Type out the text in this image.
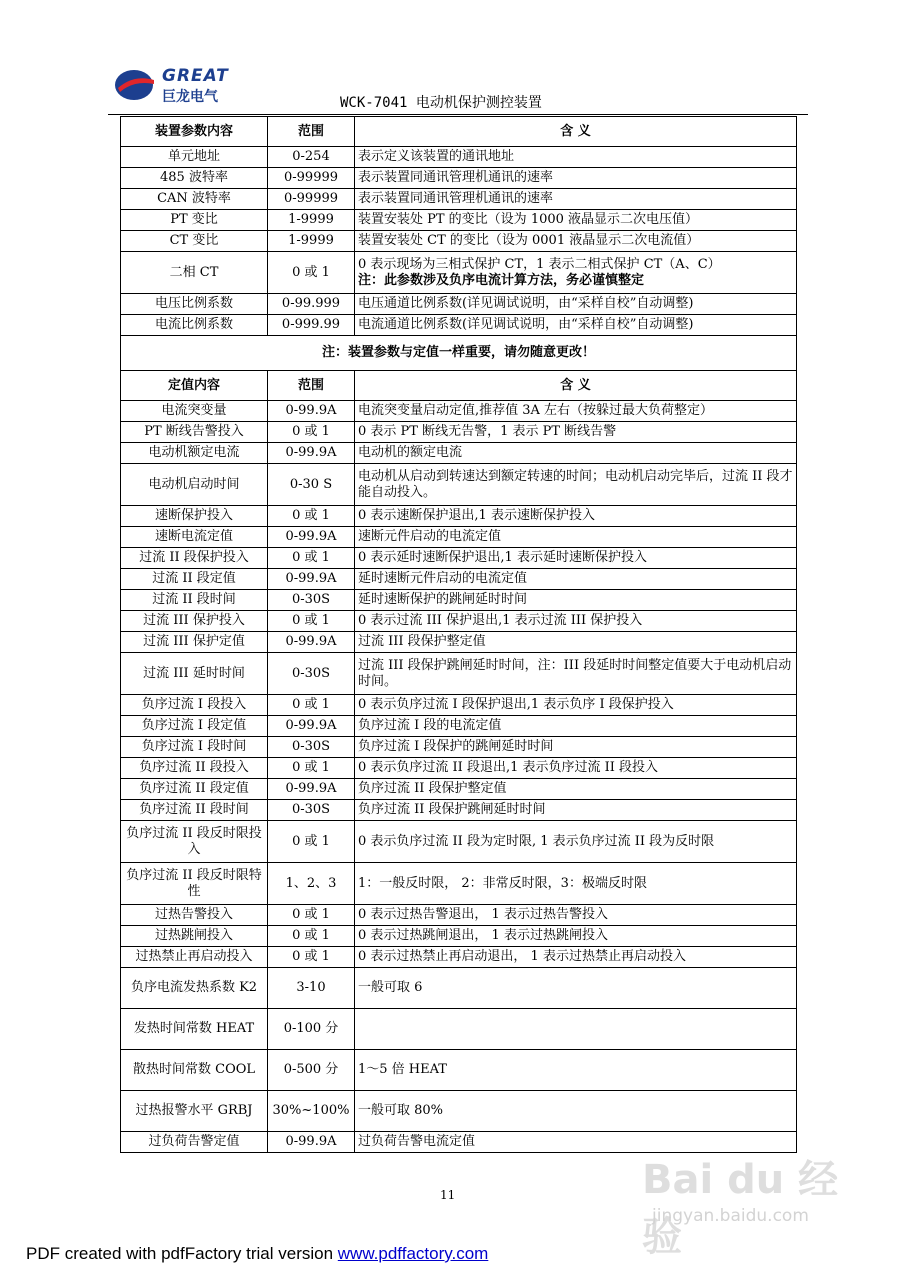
GREAT
巨龙电气	WCK-7041 电动机保护测控装置
装置参数内容	范围	含 义
单元地址	0-254	表示定义该装置的通讯地址
485 波特率	0-99999	表示装置同通讯管理机通讯的速率
CAN 波特率	0-99999	表示装置同通讯管理机通讯的速率
PT 变比	1-9999	装置安装处 PT 的变比（设为 1000 液晶显示二次电压值）
CT 变比	1-9999	装置安装处 CT 的变比（设为 0001 液晶显示二次电流值）
二相 CT	0 或 1	0 表示现场为三相式保护 CT，1 表示二相式保护 CT（A、C）
注：此参数涉及负序电流计算方法，务必谨慎整定

电压比例系数	0-99.999	电压通道比例系数(详见调试说明，由“采样自校”自动调整)
电流比例系数	0-999.99	电流通道比例系数(详见调试说明，由“采样自校”自动调整)
注：装置参数与定值一样重要，请勿随意更改！		
定值内容	范围	含 义
电流突变量	0-99.9A	电流突变量启动定值,推荐值 3A 左右（按躲过最大负荷整定）
PT 断线告警投入	0 或 1	0 表示 PT 断线无告警，1 表示 PT 断线告警
电动机额定电流	0-99.9A	电动机的额定电流
电动机启动时间	0-30 S	电动机从启动到转速达到额定转速的时间；电动机启动完毕后，过流 II 段才能自动投入。
速断保护投入	0 或 1	0 表示速断保护退出,1 表示速断保护投入
速断电流定值	0-99.9A	速断元件启动的电流定值
过流 II 段保护投入	0 或 1	0 表示延时速断保护退出,1 表示延时速断保护投入
过流 II 段定值	0-99.9A	延时速断元件启动的电流定值
过流 II 段时间	0-30S	延时速断保护的跳闸延时时间
过流 III 保护投入	0 或 1	0 表示过流 III 保护退出,1 表示过流 III 保护投入
过流 III 保护定值	0-99.9A	过流 III 段保护整定值
过流 III 延时时间	0-30S	过流 III 段保护跳闸延时时间，注：III 段延时时间整定值要大于电动机启动时间。
负序过流 I 段投入	0 或 1	0 表示负序过流 I 段保护退出,1 表示负序 I 段保护投入
负序过流 I 段定值	0-99.9A	负序过流 I 段的电流定值
负序过流 I 段时间	0-30S	负序过流 I 段保护的跳闸延时时间
负序过流 II 段投入	0 或 1	0 表示负序过流 II 段退出,1 表示负序过流 II 段投入
负序过流 II 段定值	0-99.9A	负序过流 II 段保护整定值
负序过流 II 段时间	0-30S	负序过流 II 段保护跳闸延时时间
负序过流 II 段反时限投入	0 或 1	0 表示负序过流 II 段为定时限, 1 表示负序过流 II 段为反时限
负序过流 II 段反时限特性	1、2、3	1：一般反时限， 2：非常反时限，3：极端反时限
过热告警投入	0 或 1	0 表示过热告警退出， 1 表示过热告警投入
过热跳闸投入	0 或 1	0 表示过热跳闸退出， 1 表示过热跳闸投入
过热禁止再启动投入	0 或 1	0 表示过热禁止再启动退出， 1 表示过热禁止再启动投入
负序电流发热系数 K2	3-10	一般可取 6
发热时间常数 HEAT	0-100 分	
散热时间常数 COOL	0-500 分	1～5 倍 HEAT
过热报警水平 GRBJ	30%~100%	一般可取 80%
过负荷告警定值	0-99.9A	过负荷告警电流定值
11	Bai du 经验
jingyan.baidu.com
PDF created with pdfFactory trial version www.pdffactory.com
